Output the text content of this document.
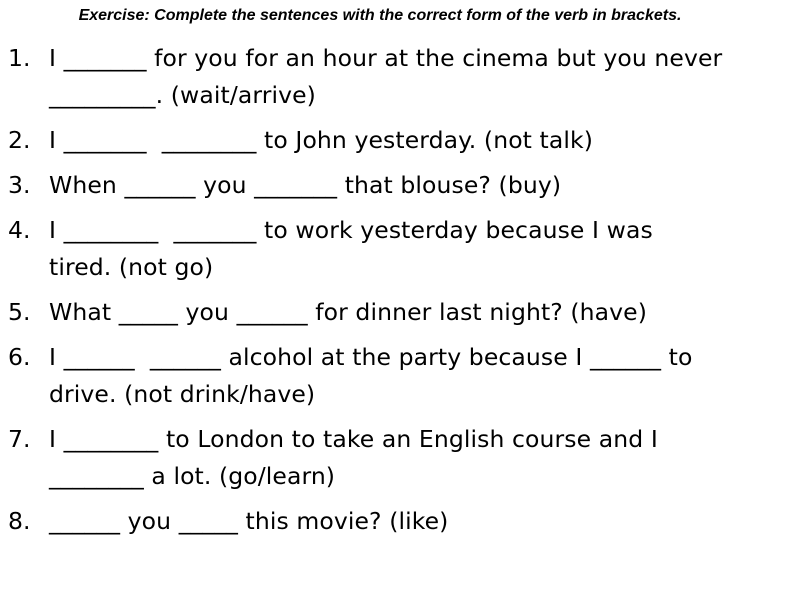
Exercise: Complete the sentences with the correct form of the verb in brackets.
1. I _______ for you for an hour at the cinema but you never
_________. (wait/arrive)
2. I _______  ________ to John yesterday. (not talk)
3. When ______ you _______ that blouse? (buy)
4. I ________  _______ to work yesterday because I was
tired. (not go)
5. What _____ you ______ for dinner last night? (have)
6. I ______  ______ alcohol at the party because I ______ to
drive. (not drink/have)
7. I ________ to London to take an English course and I
________ a lot. (go/learn)
8. ______ you _____ this movie? (like)
